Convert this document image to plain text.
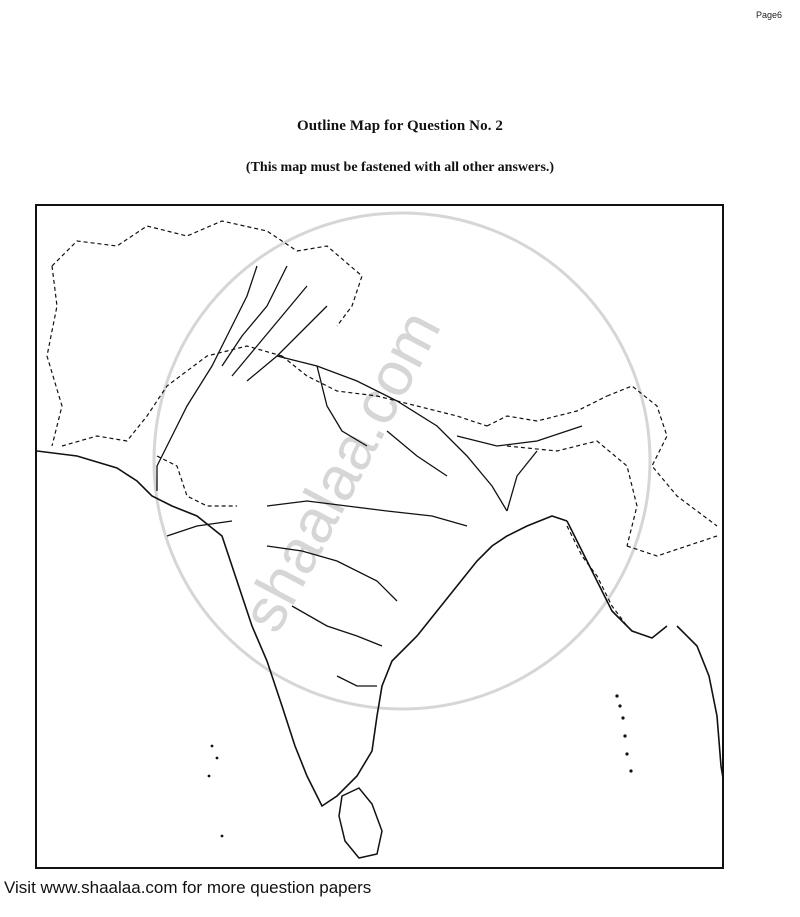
Page6
Outline Map for Question No. 2
(This map must be fastened with all other answers.)
shaalaa.com
Visit www.shaalaa.com for more question papers
